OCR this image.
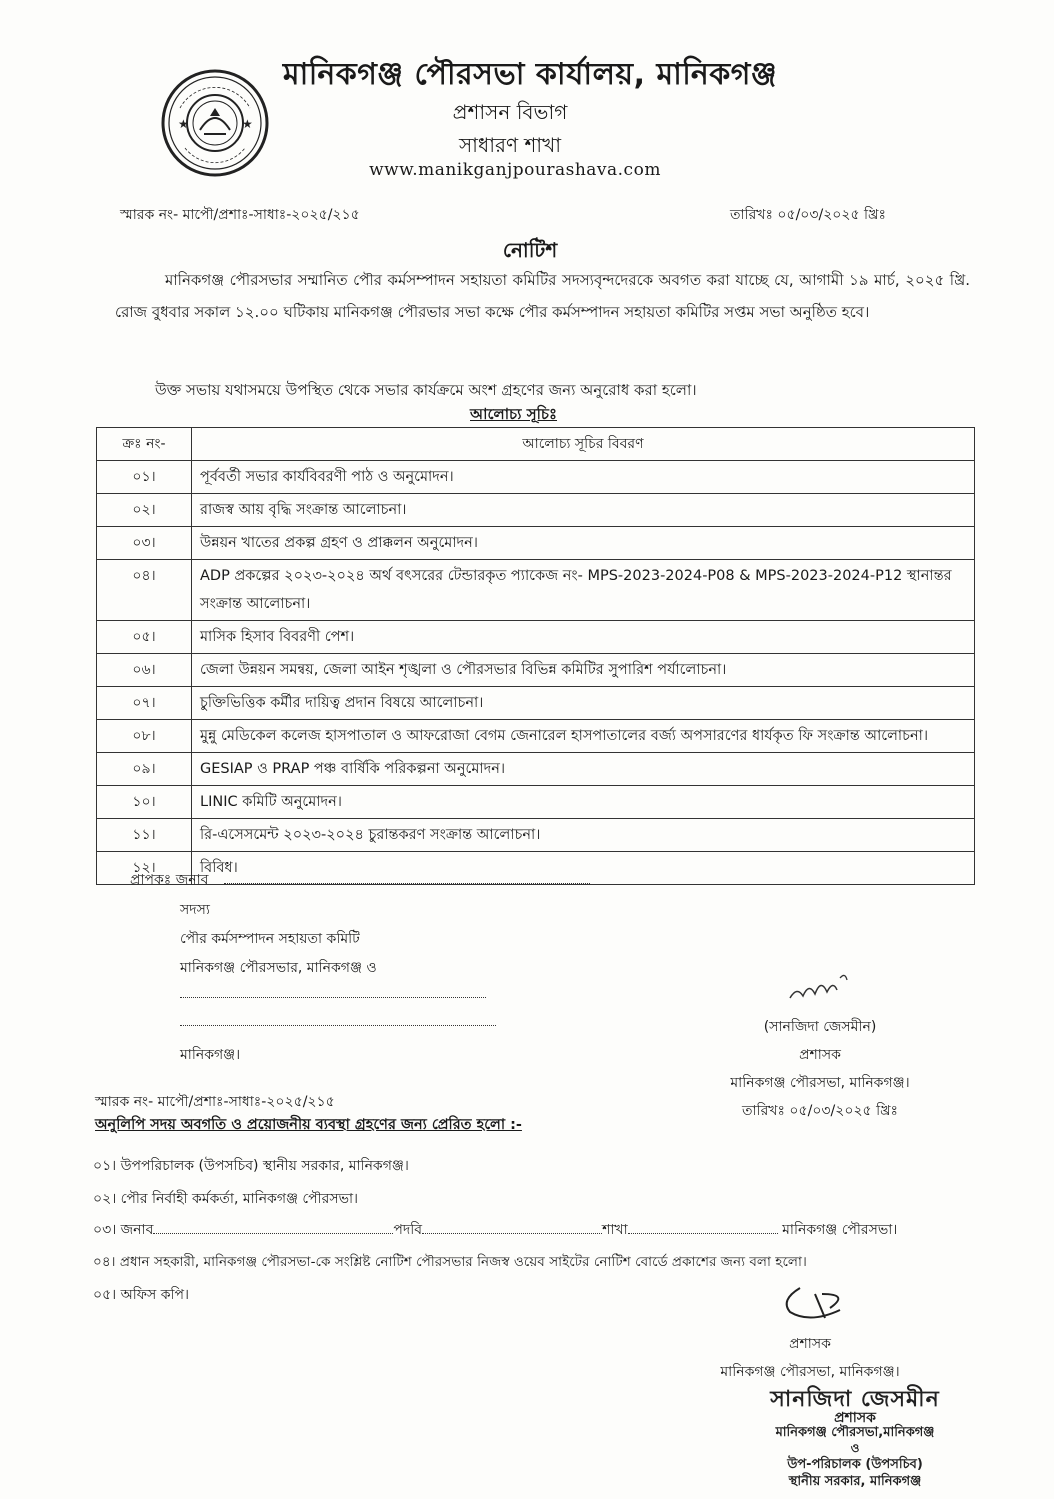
★	★
মানিকগঞ্জ পৌরসভা কার্যালয়, মানিকগঞ্জ
প্রশাসন বিভাগ
সাধারণ শাখা
www.manikganjpourashava.com
স্মারক নং- মাপৌ/প্রশাঃ-সাধাঃ-২০২৫/২১৫	তারিখঃ ০৫/০৩/২০২৫ খ্রিঃ
নোটিশ
মানিকগঞ্জ পৌরসভার সম্মানিত পৌর কর্মসম্পাদন সহায়তা কমিটির সদস্যবৃন্দদেরকে অবগত করা যাচ্ছে যে, আগামী ১৯ মার্চ, ২০২৫ খ্রি. রোজ বুধবার সকাল ১২.০০ ঘটিকায় মানিকগঞ্জ পৌরভার সভা কক্ষে পৌর কর্মসম্পাদন সহায়তা কমিটির সপ্তম সভা অনুষ্ঠিত হবে।
উক্ত সভায় যথাসময়ে উপস্থিত থেকে সভার কার্যক্রমে অংশ গ্রহণের জন্য অনুরোধ করা হলো।
আলোচ্য সূচিঃ
ক্রঃ নং-	আলোচ্য সূচির বিবরণ
০১।	পূর্ববর্তী সভার কার্যবিবরণী পাঠ ও অনুমোদন।
০২।	রাজস্ব আয় বৃদ্ধি সংক্রান্ত আলোচনা।
০৩।	উন্নয়ন খাতের প্রকল্প গ্রহণ ও প্রাক্কলন অনুমোদন।
০৪।	ADP প্রকল্পের ২০২৩-২০২৪ অর্থ বৎসরের টেন্ডারকৃত প্যাকেজ নং- MPS-2023-2024-P08 & MPS-2023-2024-P12 স্থানান্তর সংক্রান্ত আলোচনা।
০৫।	মাসিক হিসাব বিবরণী পেশ।
০৬।	জেলা উন্নয়ন সমন্বয়, জেলা আইন শৃঙ্খলা ও পৌরসভার বিভিন্ন কমিটির সুপারিশ পর্যালোচনা।
০৭।	চুক্তিভিত্তিক কর্মীর দায়িত্ব প্রদান বিষয়ে আলোচনা।
০৮।	মুন্নু মেডিকেল কলেজ হাসপাতাল ও আফরোজা বেগম জেনারেল হাসপাতালের বর্জ্য অপসারণের ধার্যকৃত ফি সংক্রান্ত আলোচনা।
০৯।	GESIAP ও PRAP পঞ্চ বার্ষিকি পরিকল্পনা অনুমোদন।
১০।	LINIC কমিটি অনুমোদন।
১১।	রি-এসেসমেন্ট ২০২৩-২০২৪ চুরান্তকরণ সংক্রান্ত আলোচনা।
১২।	বিবিধ।
প্রাপকঃ জনাব
সদস্য
পৌর কর্মসম্পাদন সহায়তা কমিটি
মানিকগঞ্জ পৌরসভার, মানিকগঞ্জ ও
মানিকগঞ্জ।
(সানজিদা জেসমীন)
প্রশাসক
মানিকগঞ্জ পৌরসভা, মানিকগঞ্জ।
তারিখঃ ০৫/০৩/২০২৫ খ্রিঃ
স্মারক নং- মাপৌ/প্রশাঃ-সাধাঃ-২০২৫/২১৫
অনুলিপি সদয় অবগতি ও প্রয়োজনীয় ব্যবস্থা গ্রহণের জন্য প্রেরিত হলো :-
০১। উপপরিচালক (উপসচিব) স্থানীয় সরকার, মানিকগঞ্জ।
০২। পৌর নির্বাহী কর্মকর্তা, মানিকগঞ্জ পৌরসভা।
০৩। জনাব	পদবি	শাখা	মানিকগঞ্জ পৌরসভা।
০৪। প্রধান সহকারী, মানিকগঞ্জ পৌরসভা-কে সংশ্লিষ্ট নোটিশ পৌরসভার নিজস্ব ওয়েব সাইটের নোটিশ বোর্ডে প্রকাশের জন্য বলা হলো।
০৫। অফিস কপি।
প্রশাসক
মানিকগঞ্জ পৌরসভা, মানিকগঞ্জ।
সানজিদা জেসমীন
প্রশাসক
মানিকগঞ্জ পৌরসভা,মানিকগঞ্জ
ও
উপ-পরিচালক (উপসচিব)
স্থানীয় সরকার, মানিকগঞ্জ
